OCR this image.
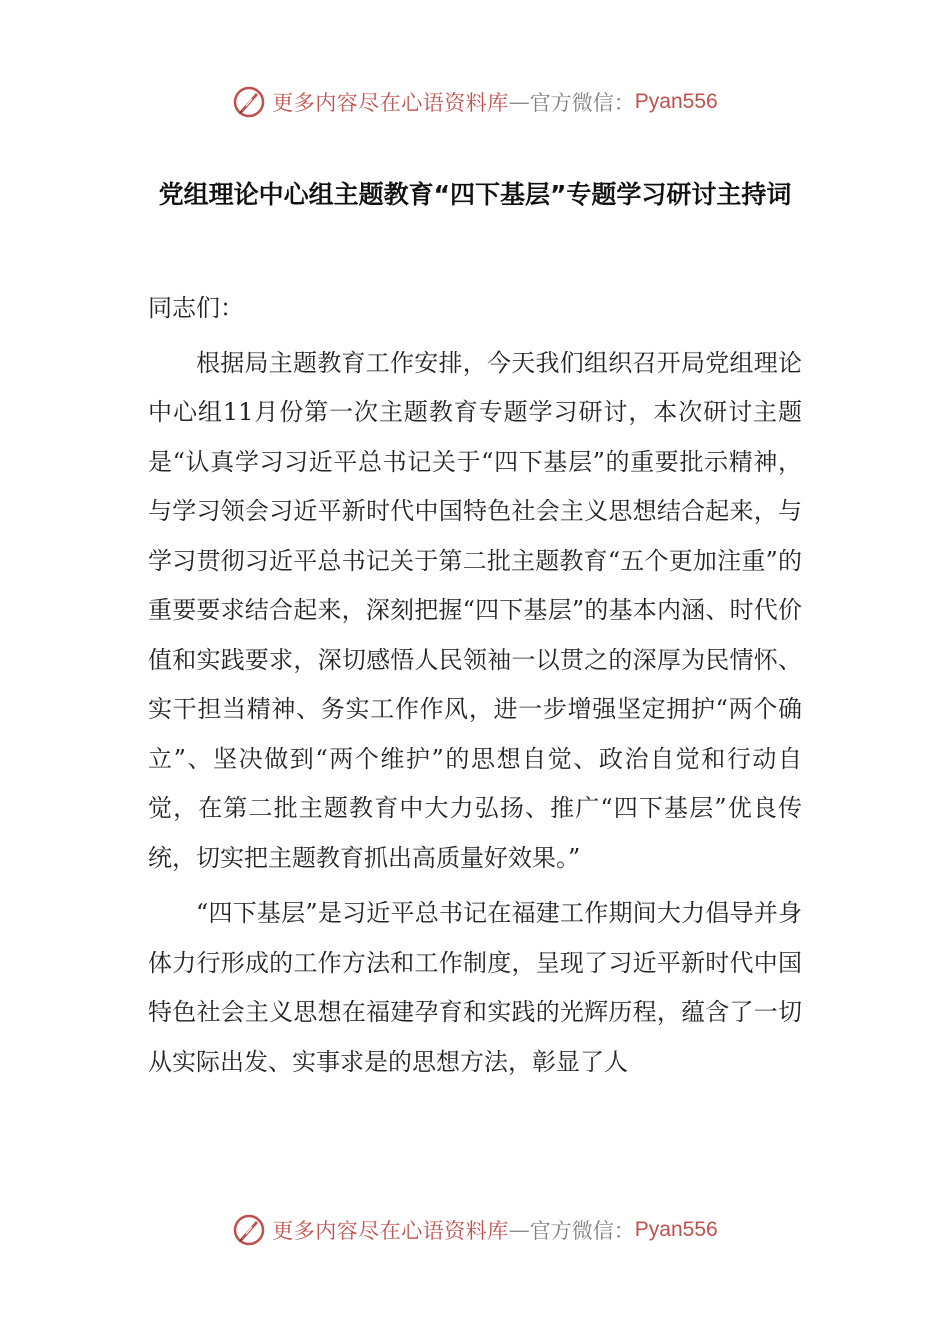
更多内容尽在心语资料库 — 官方微信： Pyan556
党组理论中心组主题教育“四下基层”专题学习研讨主持词

同志们：

根据局主题教育工作安排，今天我们组织召开局党组理论中心组11月份第一次主题教育专题学习研讨，本次研讨主题是“认真学习习近平总书记关于“四下基层”的重要批示精神，与学习领会习近平新时代中国特色社会主义思想结合起来，与学习贯彻习近平总书记关于第二批主题教育“五个更加注重”的重要要求结合起来，深刻把握“四下基层”的基本内涵、时代价值和实践要求，深切感悟人民领袖一以贯之的深厚为民情怀、实干担当精神、务实工作作风，进一步增强坚定拥护“两个确立”、坚决做到“两个维护”的思想自觉、政治自觉和行动自觉，在第二批主题教育中大力弘扬、推广“四下基层”优良传统，切实把主题教育抓出高质量好效果。”

“四下基层”是习近平总书记在福建工作期间大力倡导并身体力行形成的工作方法和工作制度，呈现了习近平新时代中国特色社会主义思想在福建孕育和实践的光辉历程，蕴含了一切从实际出发、实事求是的思想方法，彰显了人

更多内容尽在心语资料库 — 官方微信： Pyan556
